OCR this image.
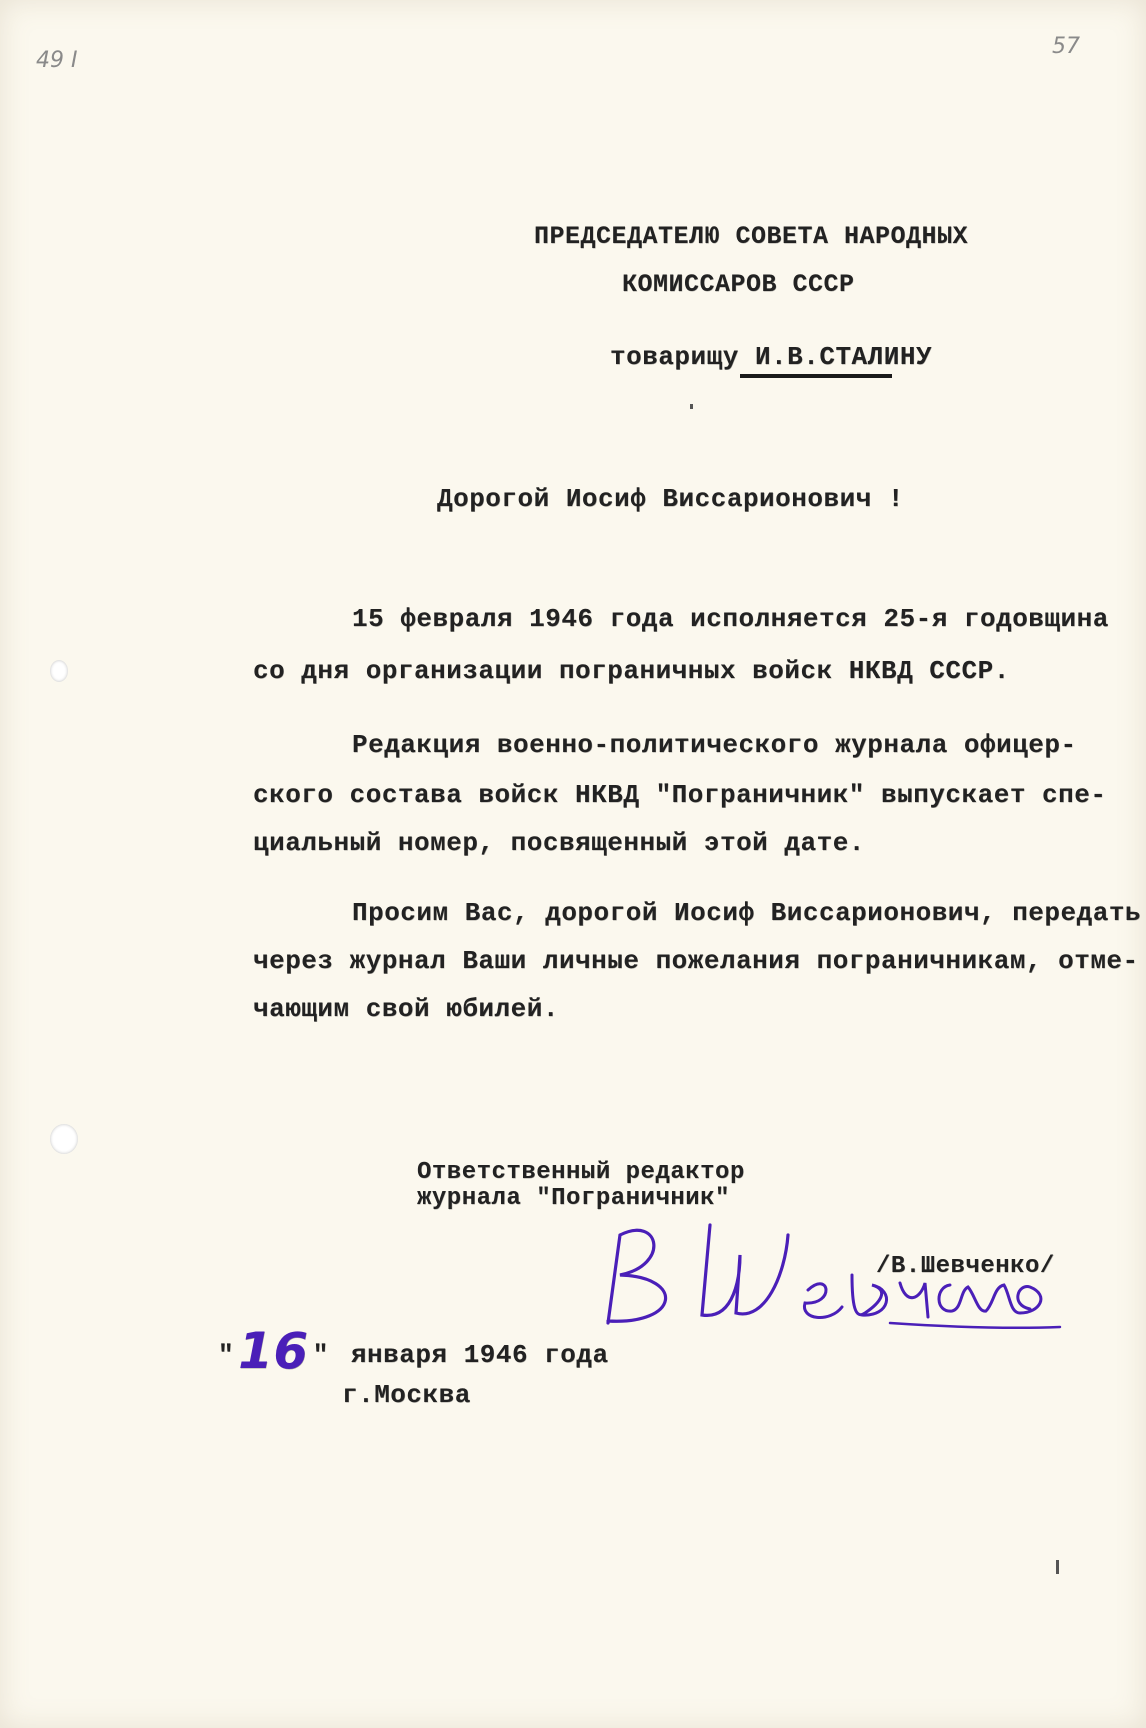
49 I
57
ПРЕДСЕДАТЕЛЮ СОВЕТА НАРОДНЫХ
КОМИССАРОВ СССР
товарищу И.В.СТАЛИНУ
Дорогой Иосиф Виссарионович !
15 февраля 1946 года исполняется 25-я годовщина
со дня организации пограничных войск НКВД СССР.
Редакция военно-политического журнала офицер-
ского состава войск НКВД "Пограничник" выпускает спе-
циальный номер, посвященный этой дате.
Просим Вас, дорогой Иосиф Виссарионович, передать
через журнал Ваши личные пожелания пограничникам, отме-
чающим свой юбилей.
Ответственный редактор
журнала "Пограничник"
/В.Шевченко/
"16 " января 1946 года
г.Москва
